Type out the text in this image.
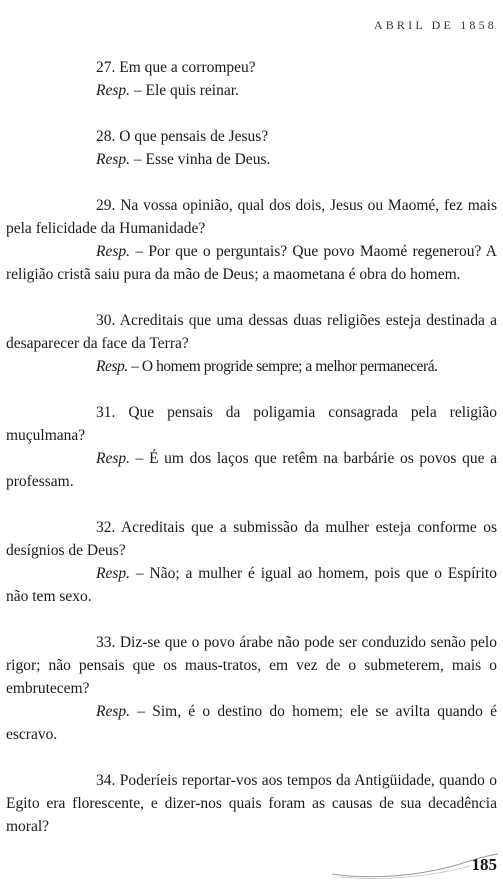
ABRIL DE 1858

27. Em que a corrompeu?

Resp. – Ele quis reinar.

28. O que pensais de Jesus?

Resp. – Esse vinha de Deus.

29. Na vossa opinião, qual dos dois, Jesus ou Maomé, fez mais pela felicidade da Humanidade?

Resp. – Por que o perguntais? Que povo Maomé regenerou? A religião cristã saiu pura da mão de Deus; a maometana é obra do homem.

30. Acreditais que uma dessas duas religiões esteja destinada a desaparecer da face da Terra?

Resp. – O homem progride sempre; a melhor permanecerá.

31. Que pensais da poligamia consagrada pela religião muçulmana?

Resp. – É um dos laços que retêm na barbárie os povos que a professam.

32. Acreditais que a submissão da mulher esteja conforme os desígnios de Deus?

Resp. – Não; a mulher é igual ao homem, pois que o Espírito não tem sexo.

33. Diz-se que o povo árabe não pode ser conduzido senão pelo rigor; não pensais que os maus-tratos, em vez de o submeterem, mais o embrutecem?

Resp. – Sim, é o destino do homem; ele se avilta quando é escravo.

34. Poderíeis reportar-vos aos tempos da Antigüidade, quando o Egito era florescente, e dizer-nos quais foram as causas de sua decadência moral?

185
